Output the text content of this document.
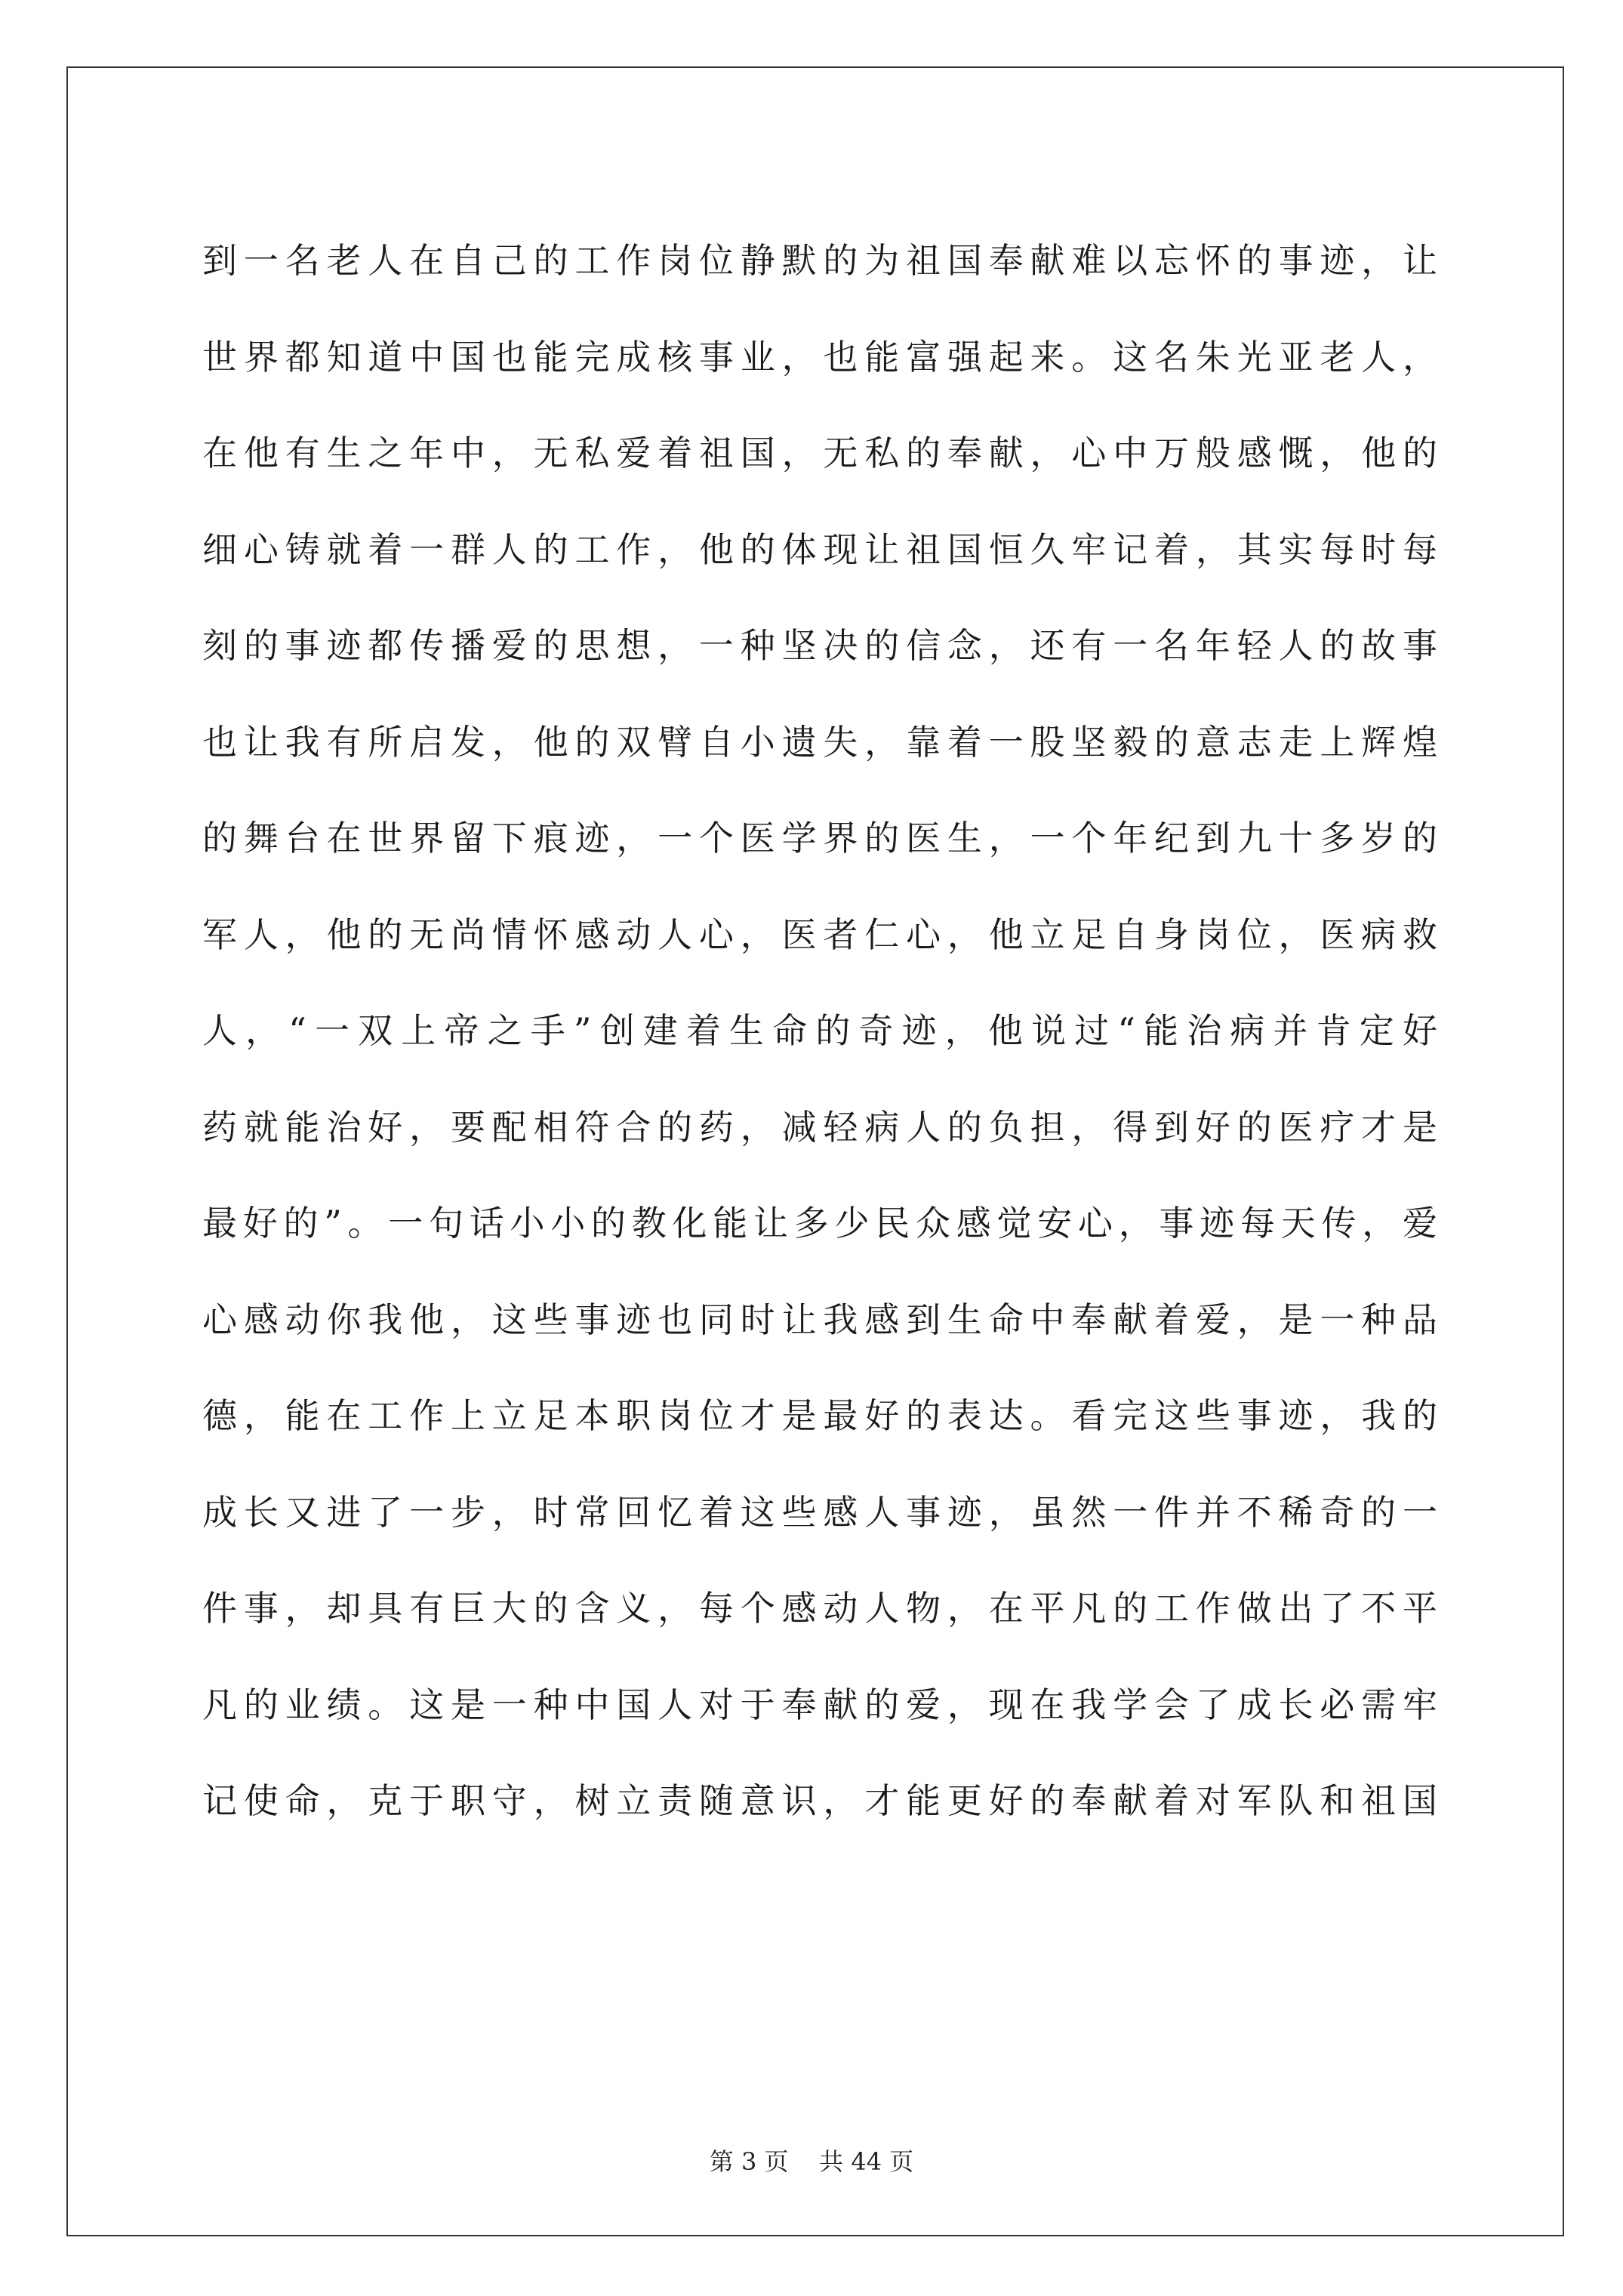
到一名老人在自己的工作岗位静默的为祖国奉献难以忘怀的事迹，让
世界都知道中国也能完成核事业，也能富强起来。这名朱光亚老人，
在他有生之年中，无私爱着祖国，无私的奉献，心中万般感慨，他的
细心铸就着一群人的工作，他的体现让祖国恒久牢记着，其实每时每
刻的事迹都传播爱的思想，一种坚决的信念，还有一名年轻人的故事
也让我有所启发，他的双臂自小遗失，靠着一股坚毅的意志走上辉煌
的舞台在世界留下痕迹，一个医学界的医生，一个年纪到九十多岁的
军人，他的无尚情怀感动人心，医者仁心，他立足自身岗位，医病救
人，“一双上帝之手”创建着生命的奇迹，他说过“能治病并肯定好
药就能治好，要配相符合的药，减轻病人的负担，得到好的医疗才是
最好的”。一句话小小的教化能让多少民众感觉安心，事迹每天传，爱
心感动你我他，这些事迹也同时让我感到生命中奉献着爱，是一种品
德，能在工作上立足本职岗位才是最好的表达。看完这些事迹，我的
成长又进了一步，时常回忆着这些感人事迹，虽然一件并不稀奇的一
件事，却具有巨大的含义，每个感动人物，在平凡的工作做出了不平
凡的业绩。这是一种中国人对于奉献的爱，现在我学会了成长必需牢
记使命，克于职守，树立责随意识，才能更好的奉献着对军队和祖国
第 3 页    共 44 页
